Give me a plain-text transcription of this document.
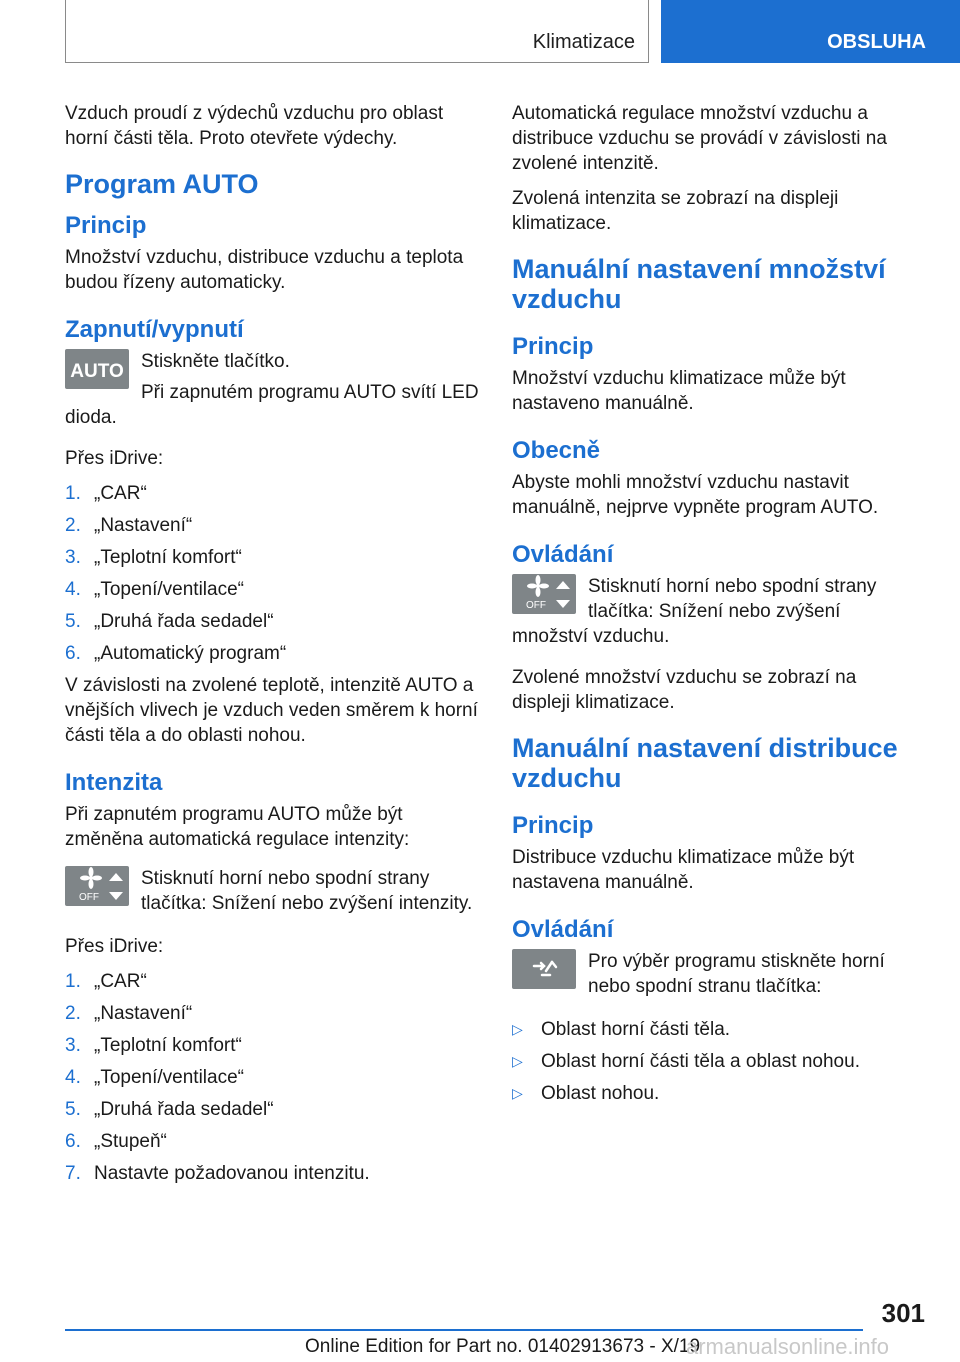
Klimatizace	OBSLUHA

Vzduch proudí z výdechů vzduchu pro oblast horní části těla. Proto otevřete výdechy.

Program AUTO
Princip

Množství vzduchu, distribuce vzduchu a teplota budou řízeny automaticky.

Zapnutí/vypnutí
AUTO Stiskněte tlačítko.

Při zapnutém programu AUTO svítí LED dioda.

Přes iDrive:

1. „CAR“
2. „Nastavení“
3. „Teplotní komfort“
4. „Topení/ventilace“
5. „Druhá řada sedadel“
6. „Automatický program“

V závislosti na zvolené teplotě, intenzitě AUTO a vnějších vlivech je vzduch veden směrem k horní části těla a do oblasti nohou.

Intenzita

Při zapnutém programu AUTO může být změněna automatická regulace intenzity:

OFF

Stisknutí horní nebo spodní strany tlačítka: Snížení nebo zvýšení intenzity.

Přes iDrive:

1. „CAR“
2. „Nastavení“
3. „Teplotní komfort“
4. „Topení/ventilace“
5. „Druhá řada sedadel“
6. „Stupeň“
7. Nastavte požadovanou intenzitu.

Automatická regulace množství vzduchu a distribuce vzduchu se provádí v závislosti na zvolené intenzitě.

Zvolená intenzita se zobrazí na displeji klimatizace.

Manuální nastavení množství vzduchu
Princip

Množství vzduchu klimatizace může být nastaveno manuálně.

Obecně

Abyste mohli množství vzduchu nastavit manuálně, nejprve vypněte program AUTO.

Ovládání
OFF

Stisknutí horní nebo spodní strany tlačítka: Snížení nebo zvýšení množství vzduchu.

Zvolené množství vzduchu se zobrazí na displeji klimatizace.

Manuální nastavení distribuce vzduchu
Princip

Distribuce vzduchu klimatizace může být nastavena manuálně.

Ovládání

Pro výběr programu stiskněte horní nebo spodní stranu tlačítka:

▷ Oblast horní části těla.
▷ Oblast horní části těla a oblast nohou.
▷ Oblast nohou.
301
Online Edition for Part no. 01402913673 - X/19
armanualsonline.info
